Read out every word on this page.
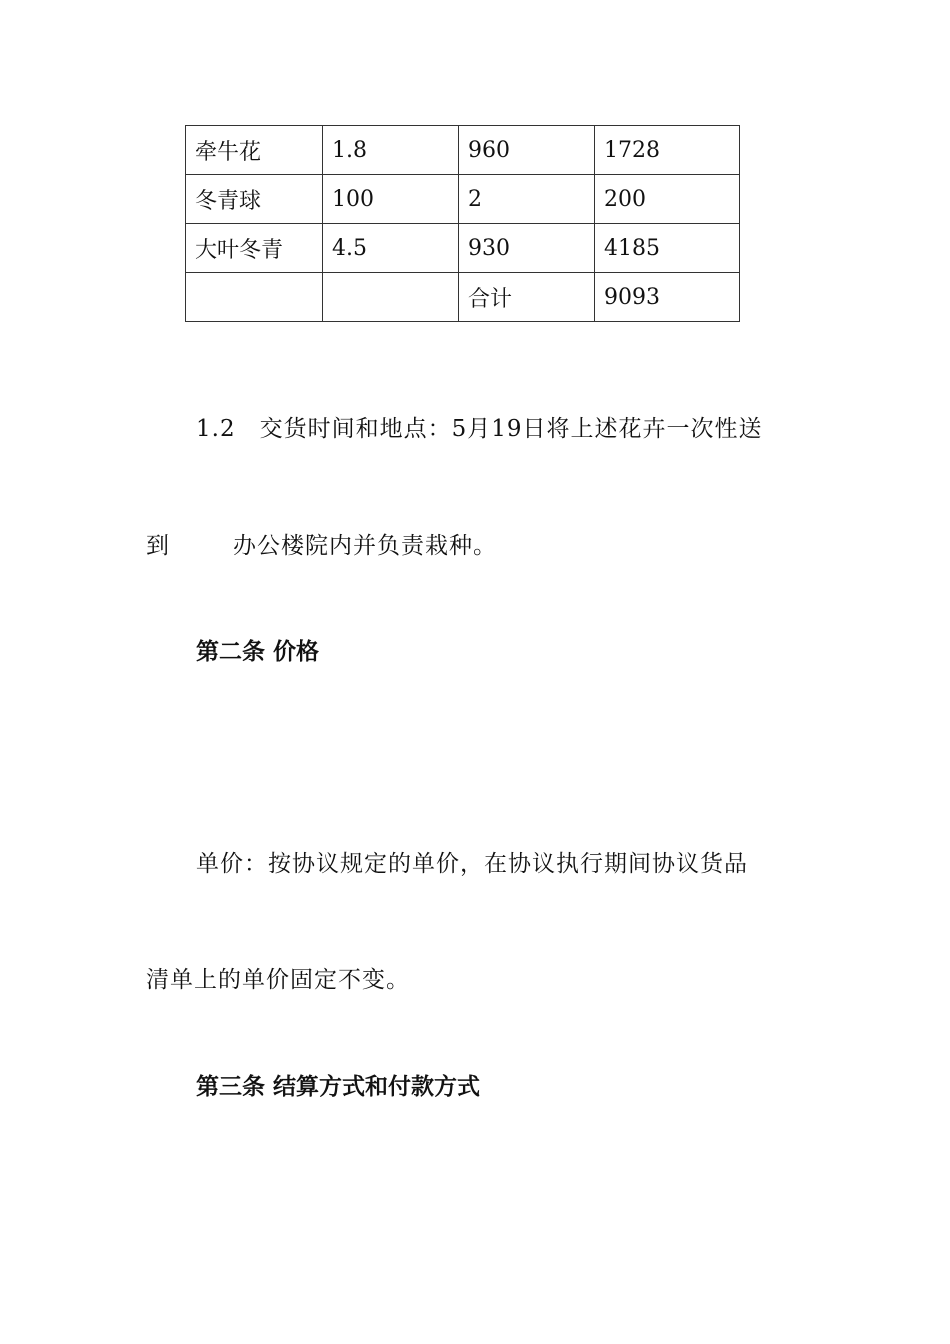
牵牛花	1.8	960	1728
冬青球	100	2	200
大叶冬青	4.5	930	4185
		合计	9093
1.2　交货时间和地点：5月19日将上述花卉一次性送
到	办公楼院内并负责栽种。
第二条 价格
单价：按协议规定的单价，在协议执行期间协议货品
清单上的单价固定不变。
第三条 结算方式和付款方式
